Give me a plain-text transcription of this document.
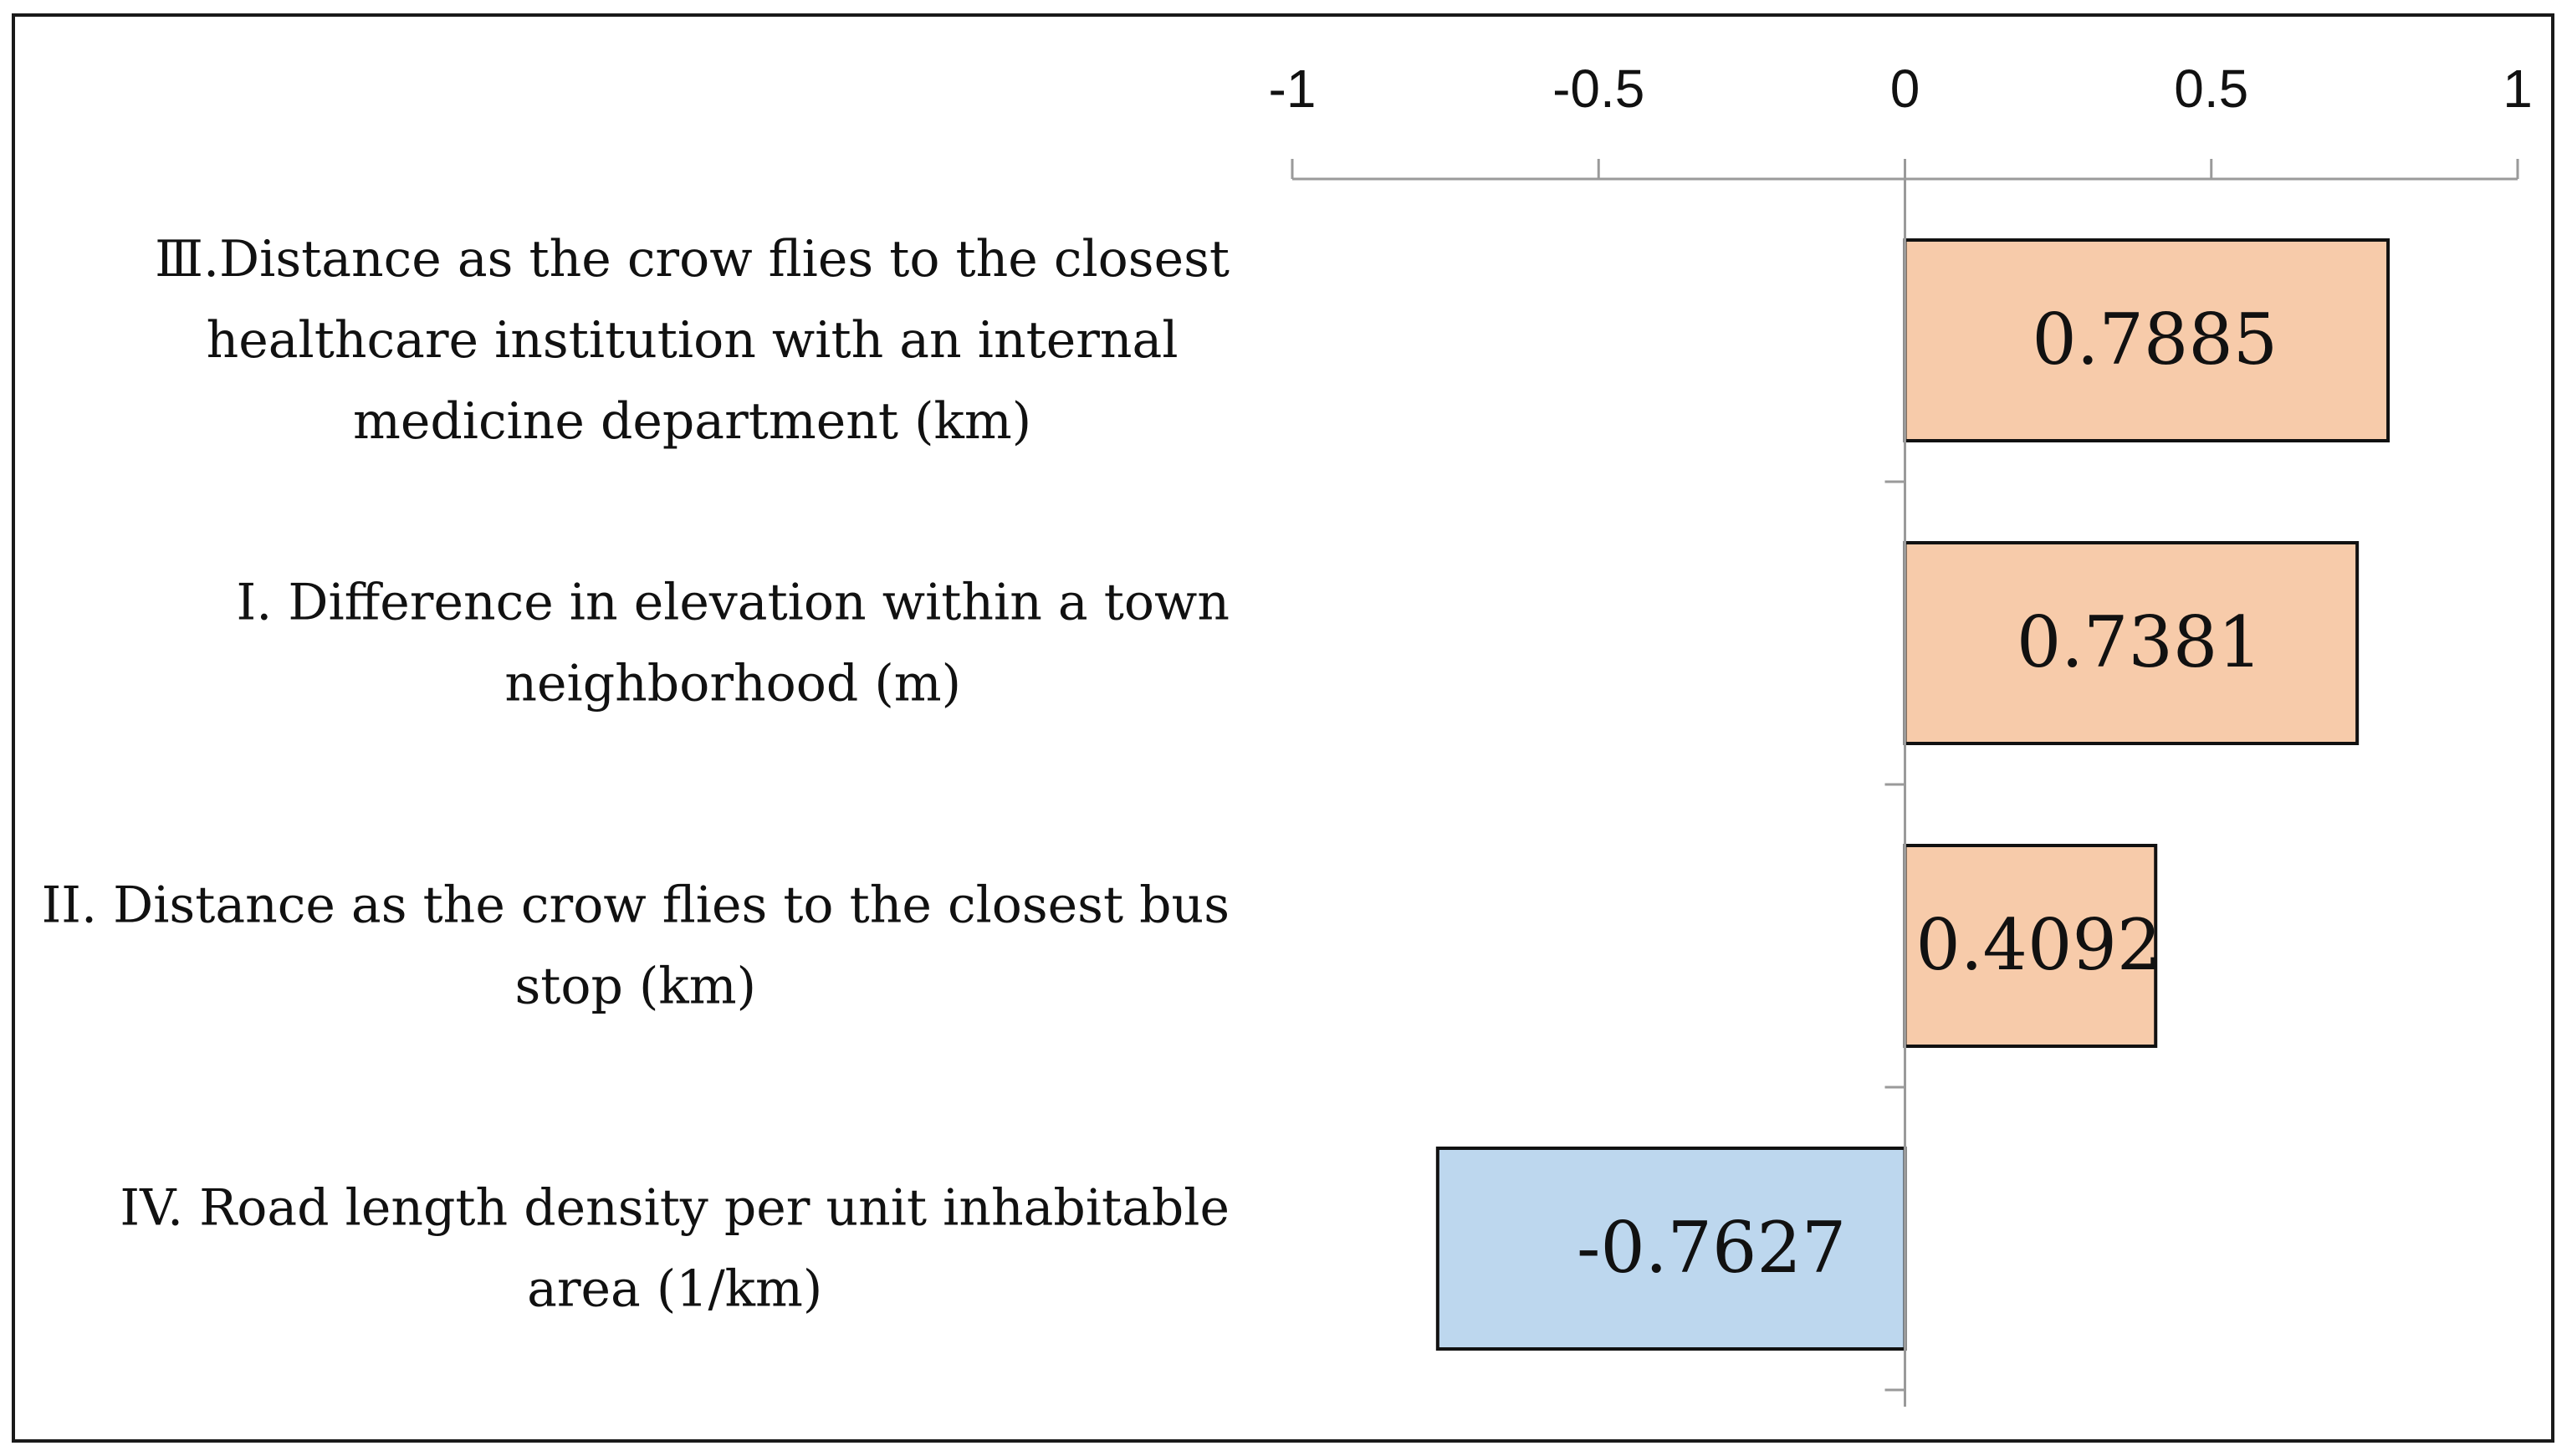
-1	-0.5	0	0.5	1
0.7885
0.7381
0.4092
-0.7627
Ⅲ.Distance as the crow flies to the closest healthcare institution with an internal medicine department (km)
I. Difference in elevation within a town neighborhood (m)
II. Distance as the crow flies to the closest bus stop (km)
IV. Road length density per unit inhabitable area (1/km)
